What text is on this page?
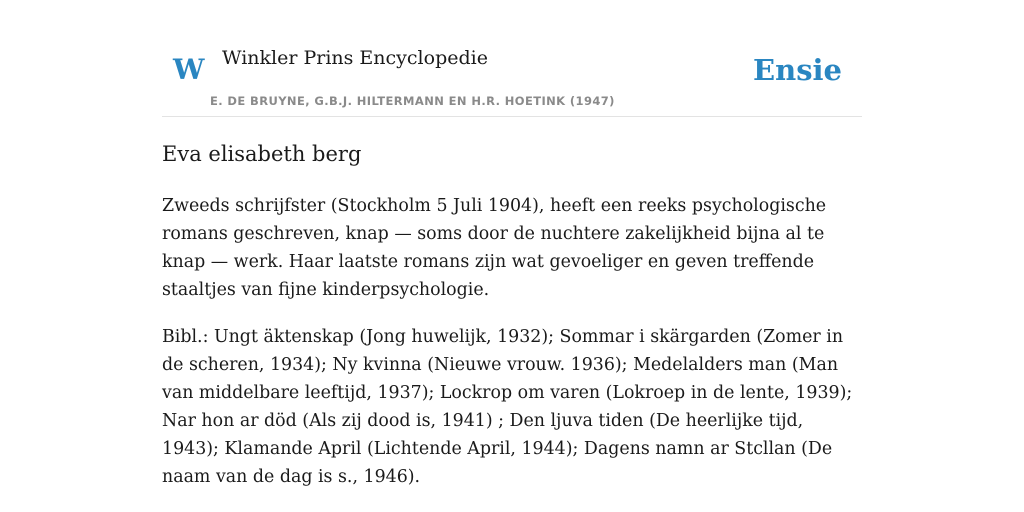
W Winkler Prins Encyclopedie
E. DE BRUYNE, G.B.J. HILTERMANN EN H.R. HOETINK (1947)
Ensie
Eva elisabeth berg

Zweeds schrijfster (Stockholm 5 Juli 1904), heeft een reeks psychologische romans geschreven, knap — soms door de nuchtere zakelijkheid bijna al te knap — werk. Haar laatste romans zijn wat gevoeliger en geven treffende staaltjes van fijne kinderpsychologie.

Bibl.: Ungt äktenskap (Jong huwelijk, 1932); Sommar i skärgarden (Zomer in de scheren, 1934); Ny kvinna (Nieuwe vrouw. 1936); Medelalders man (Man van middelbare leeftijd, 1937); Lockrop om varen (Lokroep in de lente, 1939); Nar hon ar död (Als zij dood is, 1941) ; Den ljuva tiden (De heerlijke tijd, 1943); Klamande April (Lichtende April, 1944); Dagens namn ar Stcllan (De naam van de dag is s., 1946).
